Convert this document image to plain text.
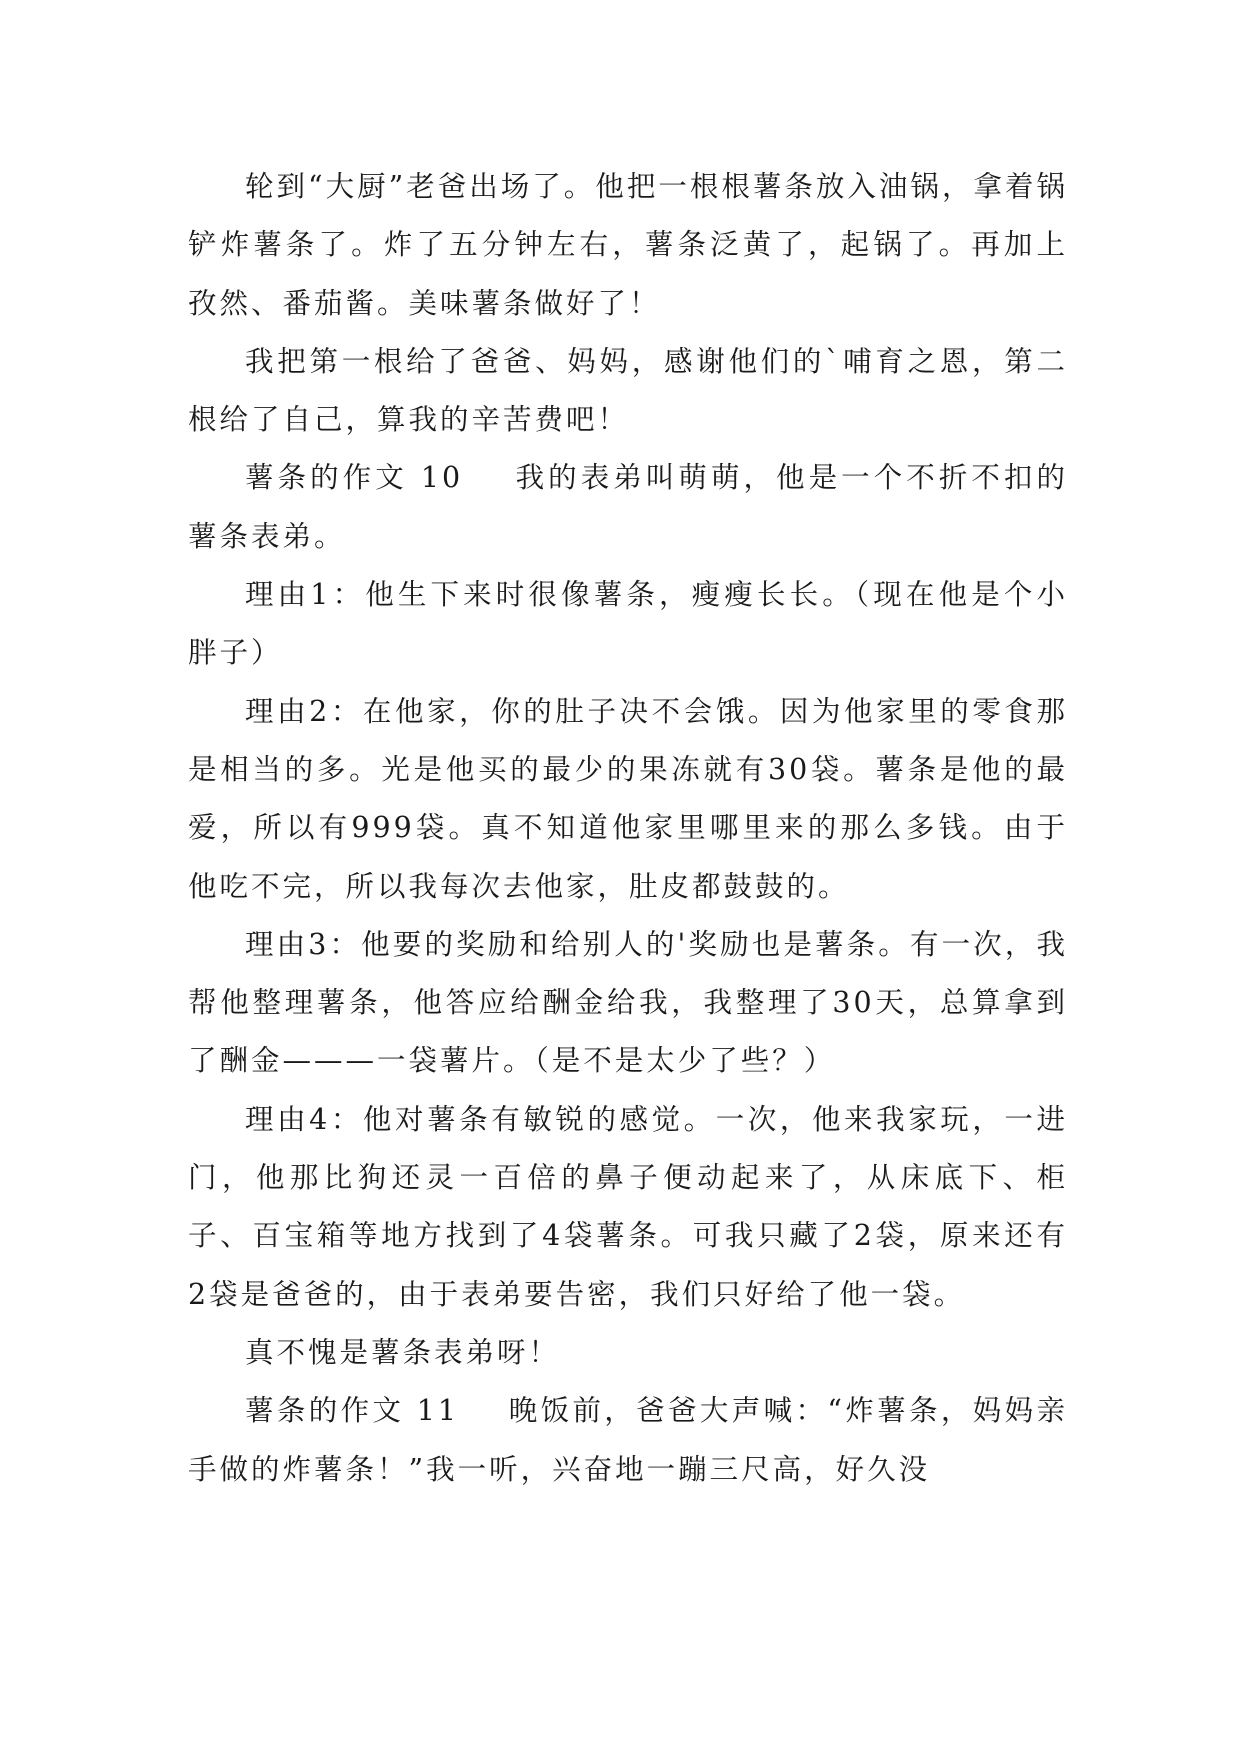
轮到“大厨”老爸出场了。他把一根根薯条放入油锅，拿着锅铲炸薯条了。炸了五分钟左右，薯条泛黄了，起锅了。再加上孜然、番茄酱。美味薯条做好了！

我把第一根给了爸爸、妈妈，感谢他们的`哺育之恩，第二根给了自己，算我的辛苦费吧！

薯条的作文 10    我的表弟叫萌萌，他是一个不折不扣的薯条表弟。

理由1：他生下来时很像薯条，瘦瘦长长。（现在他是个小胖子）

理由2：在他家，你的肚子决不会饿。因为他家里的零食那是相当的多。光是他买的最少的果冻就有30袋。薯条是他的最爱，所以有999袋。真不知道他家里哪里来的那么多钱。由于他吃不完，所以我每次去他家，肚皮都鼓鼓的。

理由3：他要的奖励和给别人的'奖励也是薯条。有一次，我帮他整理薯条，他答应给酬金给我，我整理了30天，总算拿到了酬金———一袋薯片。（是不是太少了些？）

理由4：他对薯条有敏锐的感觉。一次，他来我家玩，一进门，他那比狗还灵一百倍的鼻子便动起来了，从床底下、柜子、百宝箱等地方找到了4袋薯条。可我只藏了2袋，原来还有2袋是爸爸的，由于表弟要告密，我们只好给了他一袋。

真不愧是薯条表弟呀！

薯条的作文 11    晚饭前，爸爸大声喊：“炸薯条，妈妈亲手做的炸薯条！”我一听，兴奋地一蹦三尺高，好久没
